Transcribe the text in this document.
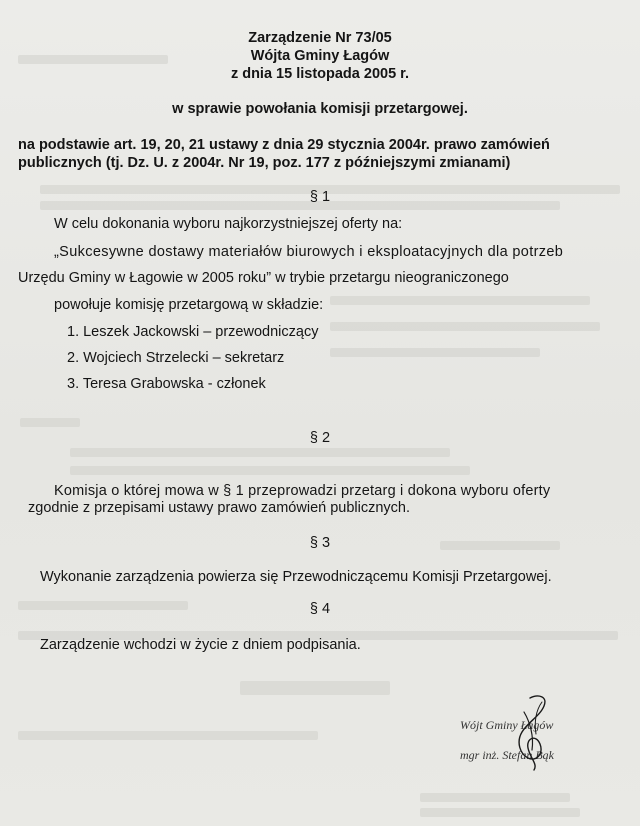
Zarządzenie Nr 73/05
Wójta Gminy Łagów
z dnia 15 listopada 2005 r.
w sprawie powołania komisji przetargowej.
na podstawie art. 19, 20, 21 ustawy z dnia 29 stycznia 2004r. prawo zamówień
publicznych (tj. Dz. U. z 2004r. Nr 19, poz. 177 z późniejszymi zmianami)
§ 1
W celu dokonania wyboru najkorzystniejszej oferty na:
„Sukcesywne dostawy materiałów biurowych i eksploatacyjnych dla potrzeb
Urzędu Gminy w Łagowie w 2005 roku” w trybie przetargu nieograniczonego
powołuje komisję przetargową w składzie:
1. Leszek Jackowski – przewodniczący
2. Wojciech Strzelecki – sekretarz
3. Teresa Grabowska - członek
§ 2
Komisja o której mowa w § 1 przeprowadzi przetarg i dokona wyboru oferty
zgodnie z przepisami ustawy prawo zamówień publicznych.
§ 3
Wykonanie zarządzenia powierza się Przewodniczącemu Komisji Przetargowej.
§ 4
Zarządzenie wchodzi w życie z dniem podpisania.
Wójt Gminy Łagów
mgr inż. Stefan Bąk
